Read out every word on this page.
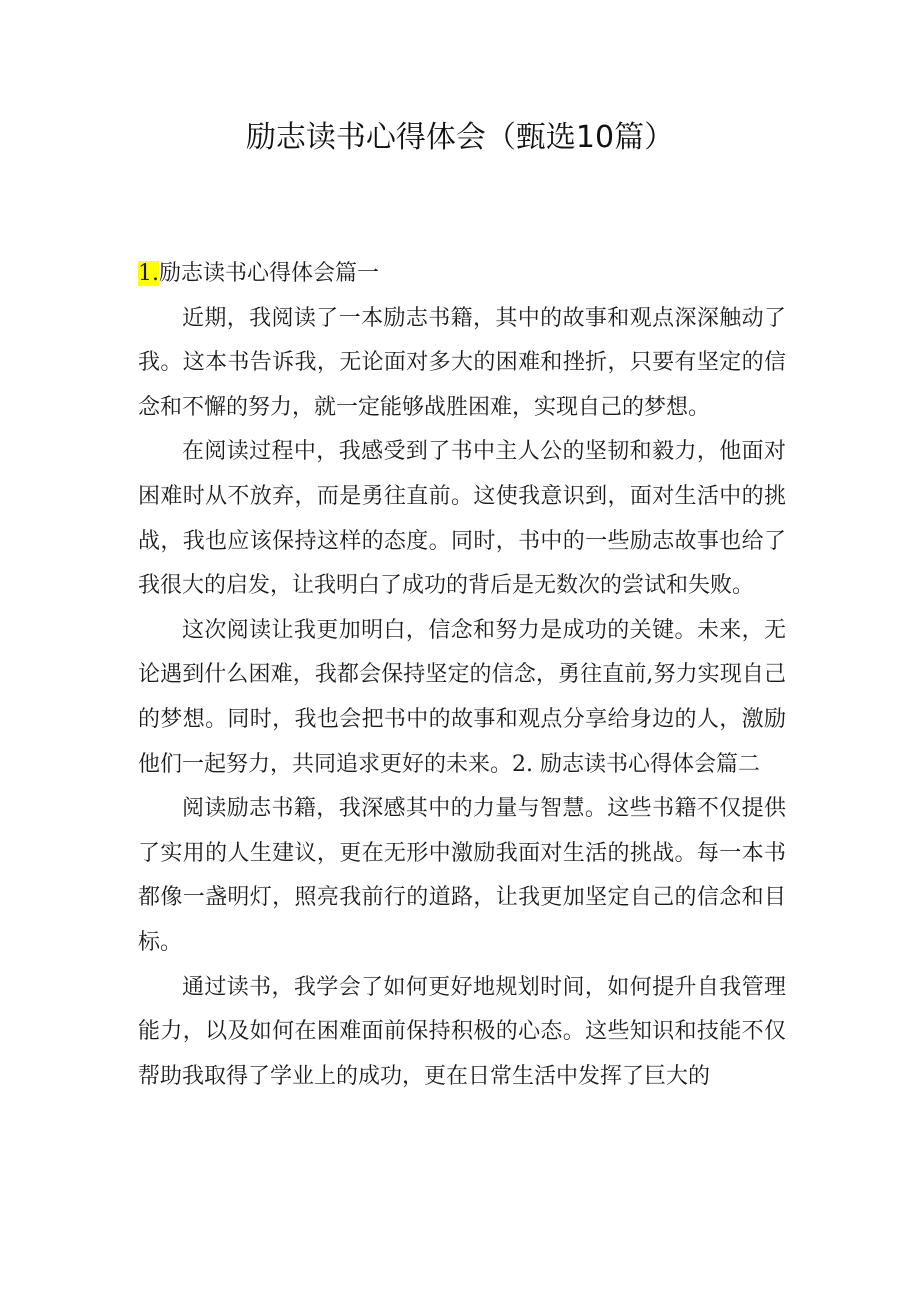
励志读书心得体会（甄选10篇）

1.励志读书心得体会篇一

近期，我阅读了一本励志书籍，其中的故事和观点深深触动了我。这本书告诉我，无论面对多大的困难和挫折，只要有坚定的信念和不懈的努力，就一定能够战胜困难，实现自己的梦想。

在阅读过程中，我感受到了书中主人公的坚韧和毅力，他面对困难时从不放弃，而是勇往直前。这使我意识到，面对生活中的挑战，我也应该保持这样的态度。同时，书中的一些励志故事也给了我很大的启发，让我明白了成功的背后是无数次的尝试和失败。

这次阅读让我更加明白，信念和努力是成功的关键。未来，无论遇到什么困难，我都会保持坚定的信念，勇往直前,努力实现自己的梦想。同时，我也会把书中的故事和观点分享给身边的人，激励他们一起努力，共同追求更好的未来。2. 励志读书心得体会篇二

阅读励志书籍，我深感其中的力量与智慧。这些书籍不仅提供了实用的人生建议，更在无形中激励我面对生活的挑战。每一本书都像一盏明灯，照亮我前行的道路，让我更加坚定自己的信念和目标。

通过读书，我学会了如何更好地规划时间，如何提升自我管理能力，以及如何在困难面前保持积极的心态。这些知识和技能不仅帮助我取得了学业上的成功，更在日常生活中发挥了巨大的
